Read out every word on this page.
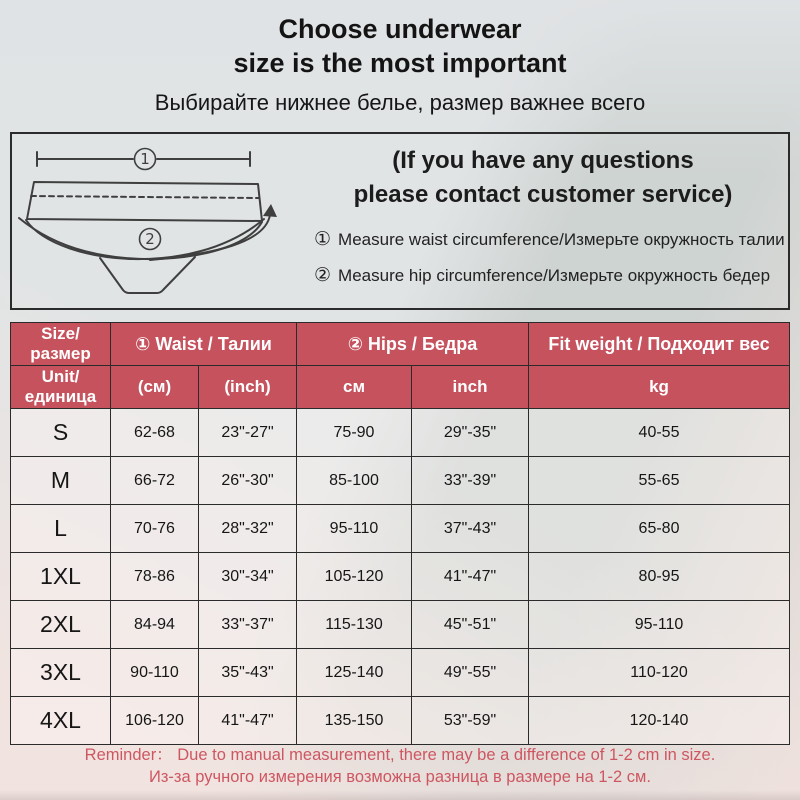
Choose underwear
size is the most important
Выбирайте нижнее белье, размер важнее всего
1
2
(If you have any questions
please contact customer service)
① Measure waist circumference/Измерьте окружность талии
② Measure hip circumference/Измерьте окружность бедер
Size/размер	① Waist / Талии		② Hips / Бедра		Fit weight / Подходит вес
Unit/единица	(см)	(inch)	см	inch	kg
S	62-68	23"-27"	75-90	29"-35"	40-55
M	66-72	26"-30"	85-100	33"-39"	55-65
L	70-76	28"-32"	95-110	37"-43"	65-80
1XL	78-86	30"-34"	105-120	41"-47"	80-95
2XL	84-94	33"-37"	115-130	45"-51"	95-110
3XL	90-110	35"-43"	125-140	49"-55"	110-120
4XL	106-120	41"-47"	135-150	53"-59"	120-140
Reminder： Due to manual measurement, there may be a difference of 1-2 cm in size.
Из-за ручного измерения возможна разница в размере на 1-2 см.
